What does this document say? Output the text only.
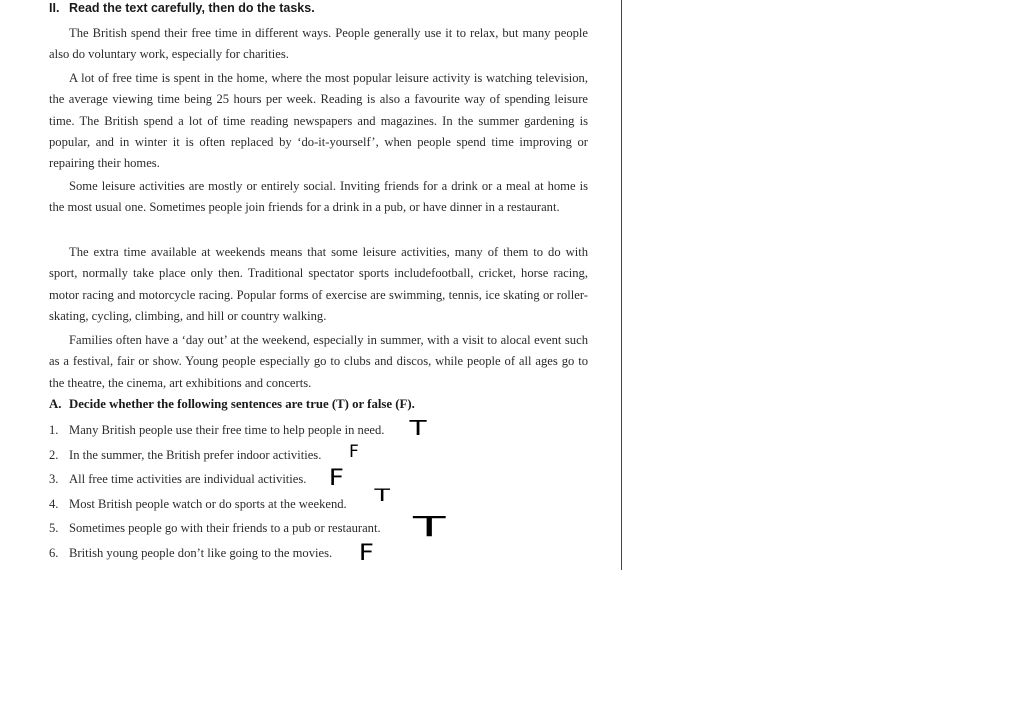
II. Read the text carefully, then do the tasks.

The British spend their free time in different ways. People generally use it to relax, but many people also do voluntary work, especially for charities.

A lot of free time is spent in the home, where the most popular leisure activity is watching television, the average viewing time being 25 hours per week. Reading is also a favourite way of spending leisure time. The British spend a lot of time reading newspapers and magazines. In the summer gardening is popular, and in winter it is often replaced by ‘do-it-yourself’, when people spend time improving or repairing their homes.

Some leisure activities are mostly or entirely social. Inviting friends for a drink or a meal at home is the most usual one. Sometimes people join friends for a drink in a pub, or have dinner in a restaurant.

The extra time available at weekends means that some leisure activities, many of them to do with sport, normally take place only then. Traditional spectator sports includefootball, cricket, horse racing, motor racing and motorcycle racing. Popular forms of exercise are swimming, tennis, ice skating or roller-skating, cycling, climbing, and hill or country walking.

Families often have a ‘day out’ at the weekend, especially in summer, with a visit to alocal event such as a festival, fair or show. Young people especially go to clubs and discos, while people of all ages go to the theatre, the cinema, art exhibitions and concerts.

A. Decide whether the following sentences are true (T) or false (F).
1. Many British people use their free time to help people in need.
2. In the summer, the British prefer indoor activities.
3. All free time activities are individual activities.
4. Most British people watch or do sports at the weekend.
5. Sometimes people go with their friends to a pub or restaurant.
6. British young people don’t like going to the movies.
T
F
F
T
T
F
